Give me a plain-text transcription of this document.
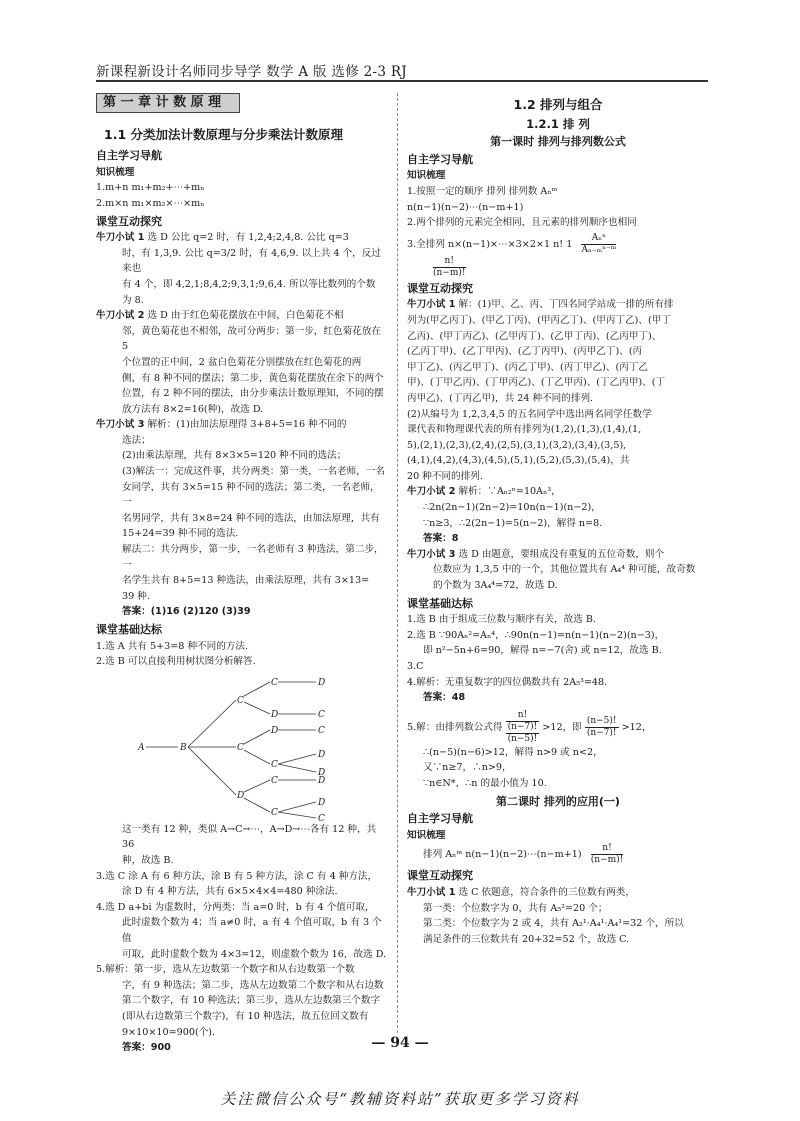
新课程新设计名师同步导学 数学 A 版 选修 2-3 RJ
第 一 章 计 数 原 理
1.1 分类加法计数原理与分步乘法计数原理
自主学习导航
知识梳理

1.m+n m₁+m₂+⋯+mₙ

2.m×n m₁×m₂×⋯×mₙ

课堂互动探究

牛刀小试 1 选 D 公比 q=2 时，有 1,2,4;2,4,8. 公比 q=3

时，有 1,3,9. 公比 q=3/2 时，有 4,6,9. 以上共 4 个，反过来也

有 4 个，即 4,2,1;8,4,2;9,3,1;9,6,4. 所以等比数列的个数

为 8.

牛刀小试 2 选 D 由于红色菊花摆放在中间，白色菊花不相

邻，黄色菊花也不相邻，故可分两步：第一步，红色菊花放在 5

个位置的正中间，2 盆白色菊花分别摆放在红色菊花的两

侧，有 8 种不同的摆法；第二步，黄色菊花摆放在余下的两个

位置，有 2 种不同的摆法，由分步乘法计数原理知，不同的摆

放方法有 8×2=16(种)，故选 D.

牛刀小试 3 解析：(1)由加法原理得 3+8+5=16 种不同的

选法；

(2)由乘法原理，共有 8×3×5=120 种不同的选法；

(3)解法一：完成这件事，共分两类：第一类，一名老师，一名

女同学，共有 3×5=15 种不同的选法；第二类，一名老师，一

名男同学，共有 3×8=24 种不同的选法，由加法原理，共有

15+24=39 种不同的选法.

解法二：共分两步，第一步，一名老师有 3 种选法，第二步，一

名学生共有 8+5=13 种选法，由乘法原理，共有 3×13=

39 种.

答案：(1)16 (2)120 (3)39

课堂基础达标

1.选 A 共有 5+3=8 种不同的方法.

2.选 B 可以直接利用树状图分析解答.

A	B
C
C
D
C	D
D	C
D	C
C
D
D
C	D
C
D
C

这一类有 12 种，类似 A→C→⋯，A→D→⋯各有 12 种，共 36

种，故选 B.

3.选 C 涂 A 有 6 种方法，涂 B 有 5 种方法，涂 C 有 4 种方法，

涂 D 有 4 种方法，共有 6×5×4×4=480 种涂法.

4.选 D a+bi 为虚数时，分两类：当 a=0 时，b 有 4 个值可取，

此时虚数个数为 4；当 a≠0 时，a 有 4 个值可取，b 有 3 个值

可取，此时虚数个数为 4×3=12，则虚数个数为 16，故选 D.

5.解析：第一步，选从左边数第一个数字和从右边数第一个数

字，有 9 种选法；第二步，选从左边数第二个数字和从右边数

第二个数字，有 10 种选法；第三步，选从左边数第三个数字

(即从右边数第三个数字)，有 10 种选法，故五位回文数有

9×10×10=900(个).

答案：900

1.2 排列与组合
1.2.1 排 列
第一课时 排列与排列数公式
自主学习导航
知识梳理

1.按照一定的顺序 排列 排列数 Aₙᵐ

n(n−1)(n−2)⋯(n−m+1)

2.两个排列的元素完全相同，且元素的排列顺序也相同

3.全排列 n×(n−1)×⋯×3×2×1 n! $1 \frac{\text{Aₙⁿ}}{\text{Aₙ₋ₘⁿ⁻ᵐ}}$

$\frac{n!}{(n-m)!}$

课堂互动探究

牛刀小试 1 解：(1)甲、乙、丙、丁四名同学站成一排的所有排

列为(甲乙丙丁)、(甲乙丁丙)、(甲丙乙丁)、(甲丙丁乙)、(甲丁

乙丙)、(甲丁丙乙)、(乙甲丙丁)、(乙甲丁丙)、(乙丙甲丁)、

(乙丙丁甲)、(乙丁甲丙)、(乙丁丙甲)、(丙甲乙丁)、(丙

甲丁乙)、(丙乙甲丁)、(丙乙丁甲)、(丙丁甲乙)、(丙丁乙

甲)、(丁甲乙丙)、(丁甲丙乙)、(丁乙甲丙)、(丁乙丙甲)、(丁

丙甲乙)、(丁丙乙甲)，共 24 种不同的排列.

(2)从编号为 1,2,3,4,5 的五名同学中选出两名同学任数学

课代表和物理课代表的所有排列为(1,2),(1,3),(1,4),(1,

5),(2,1),(2,3),(2,4),(2,5),(3,1),(3,2),(3,4),(3,5),

(4,1),(4,2),(4,3),(4,5),(5,1),(5,2),(5,3),(5,4)，共

20 种不同的排列.

牛刀小试 2 解析：∵Aₙ₂ⁿ=10Aₙ³，

∴2n(2n−1)(2n−2)=10n(n−1)(n−2)，

∵n≥3，∴2(2n−1)=5(n−2)，解得 n=8.

答案：8

牛刀小试 3 选 D 由题意，要组成没有重复的五位奇数，则个

位数应为 1,3,5 中的一个，其他位置共有 A₄⁴ 种可能，故奇数

的个数为 3A₄⁴=72，故选 D.

课堂基础达标

1.选 B 由于组成三位数与顺序有关，故选 B.

2.选 B ∵90Aₙ²=Aₙ⁴，∴90n(n−1)=n(n−1)(n−2)(n−3)，

即 n²−5n+6=90，解得 n=−7(舍) 或 n=12，故选 B.

3.C

4.解析：无重复数字的四位偶数共有 2A₅³=48.

答案：48

5.解：由排列数公式得
n!
(n−7)!
(n−5)!
>12，即 $\frac{(n-5)!}{(n-7)!} >12$，

∴(n−5)(n−6)>12，解得 n>9 或 n<2，

又∵n≥7，∴n>9，

∵n∈N*，∴n 的最小值为 10.

第二课时 排列的应用(一)
自主学习导航
知识梳理

排列 Aₙᵐ n(n−1)(n−2)⋯(n−m+1) $\frac{n!}{(n-m)!}$

课堂互动探究

牛刀小试 1 选 C 依题意，符合条件的三位数有两类，

第一类：个位数字为 0，共有 A₅²=20 个；

第二类：个位数字为 2 或 4，共有 A₂¹·A₄¹·A₄¹=32 个，所以

满足条件的三位数共有 20+32=52 个，故选 C.

— 94 —
关注微信公众号“教辅资料站”获取更多学习资料
